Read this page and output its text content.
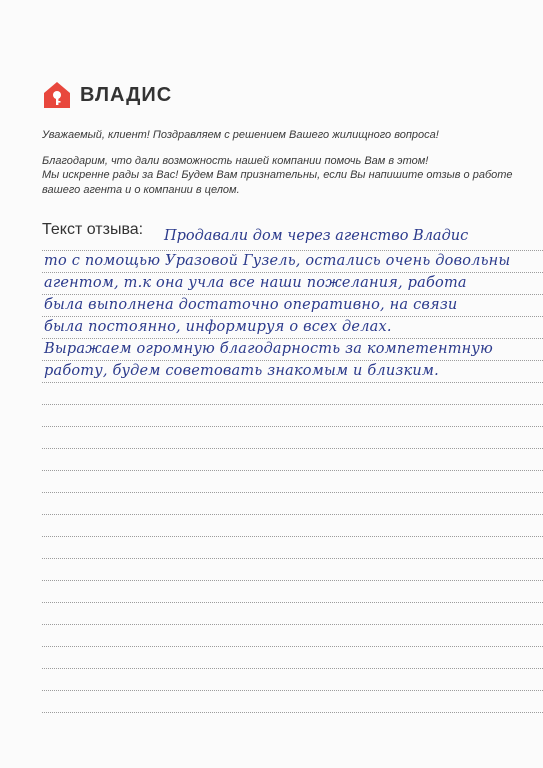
ВЛАДИС

Уважаемый, клиент! Поздравляем с решением Вашего жилищного вопроса!

Благодарим, что дали возможность нашей компании помочь Вам в этом!

Мы искренне рады за Вас! Будем Вам признательны, если Вы напишите отзыв о работе вашего агента и о компании в целом.

Текст отзыва: Продавали дом через агенство Владис
то с помощью Уразовой Гузель, остались очень довольны
агентом, т.к она учла все наши пожелания, работа
была выполнена достаточно оперативно, на связи
была постоянно, информируя о всех делах.
Выражаем огромную благодарность за компетентную
работу, будем советовать знакомым и близким.
